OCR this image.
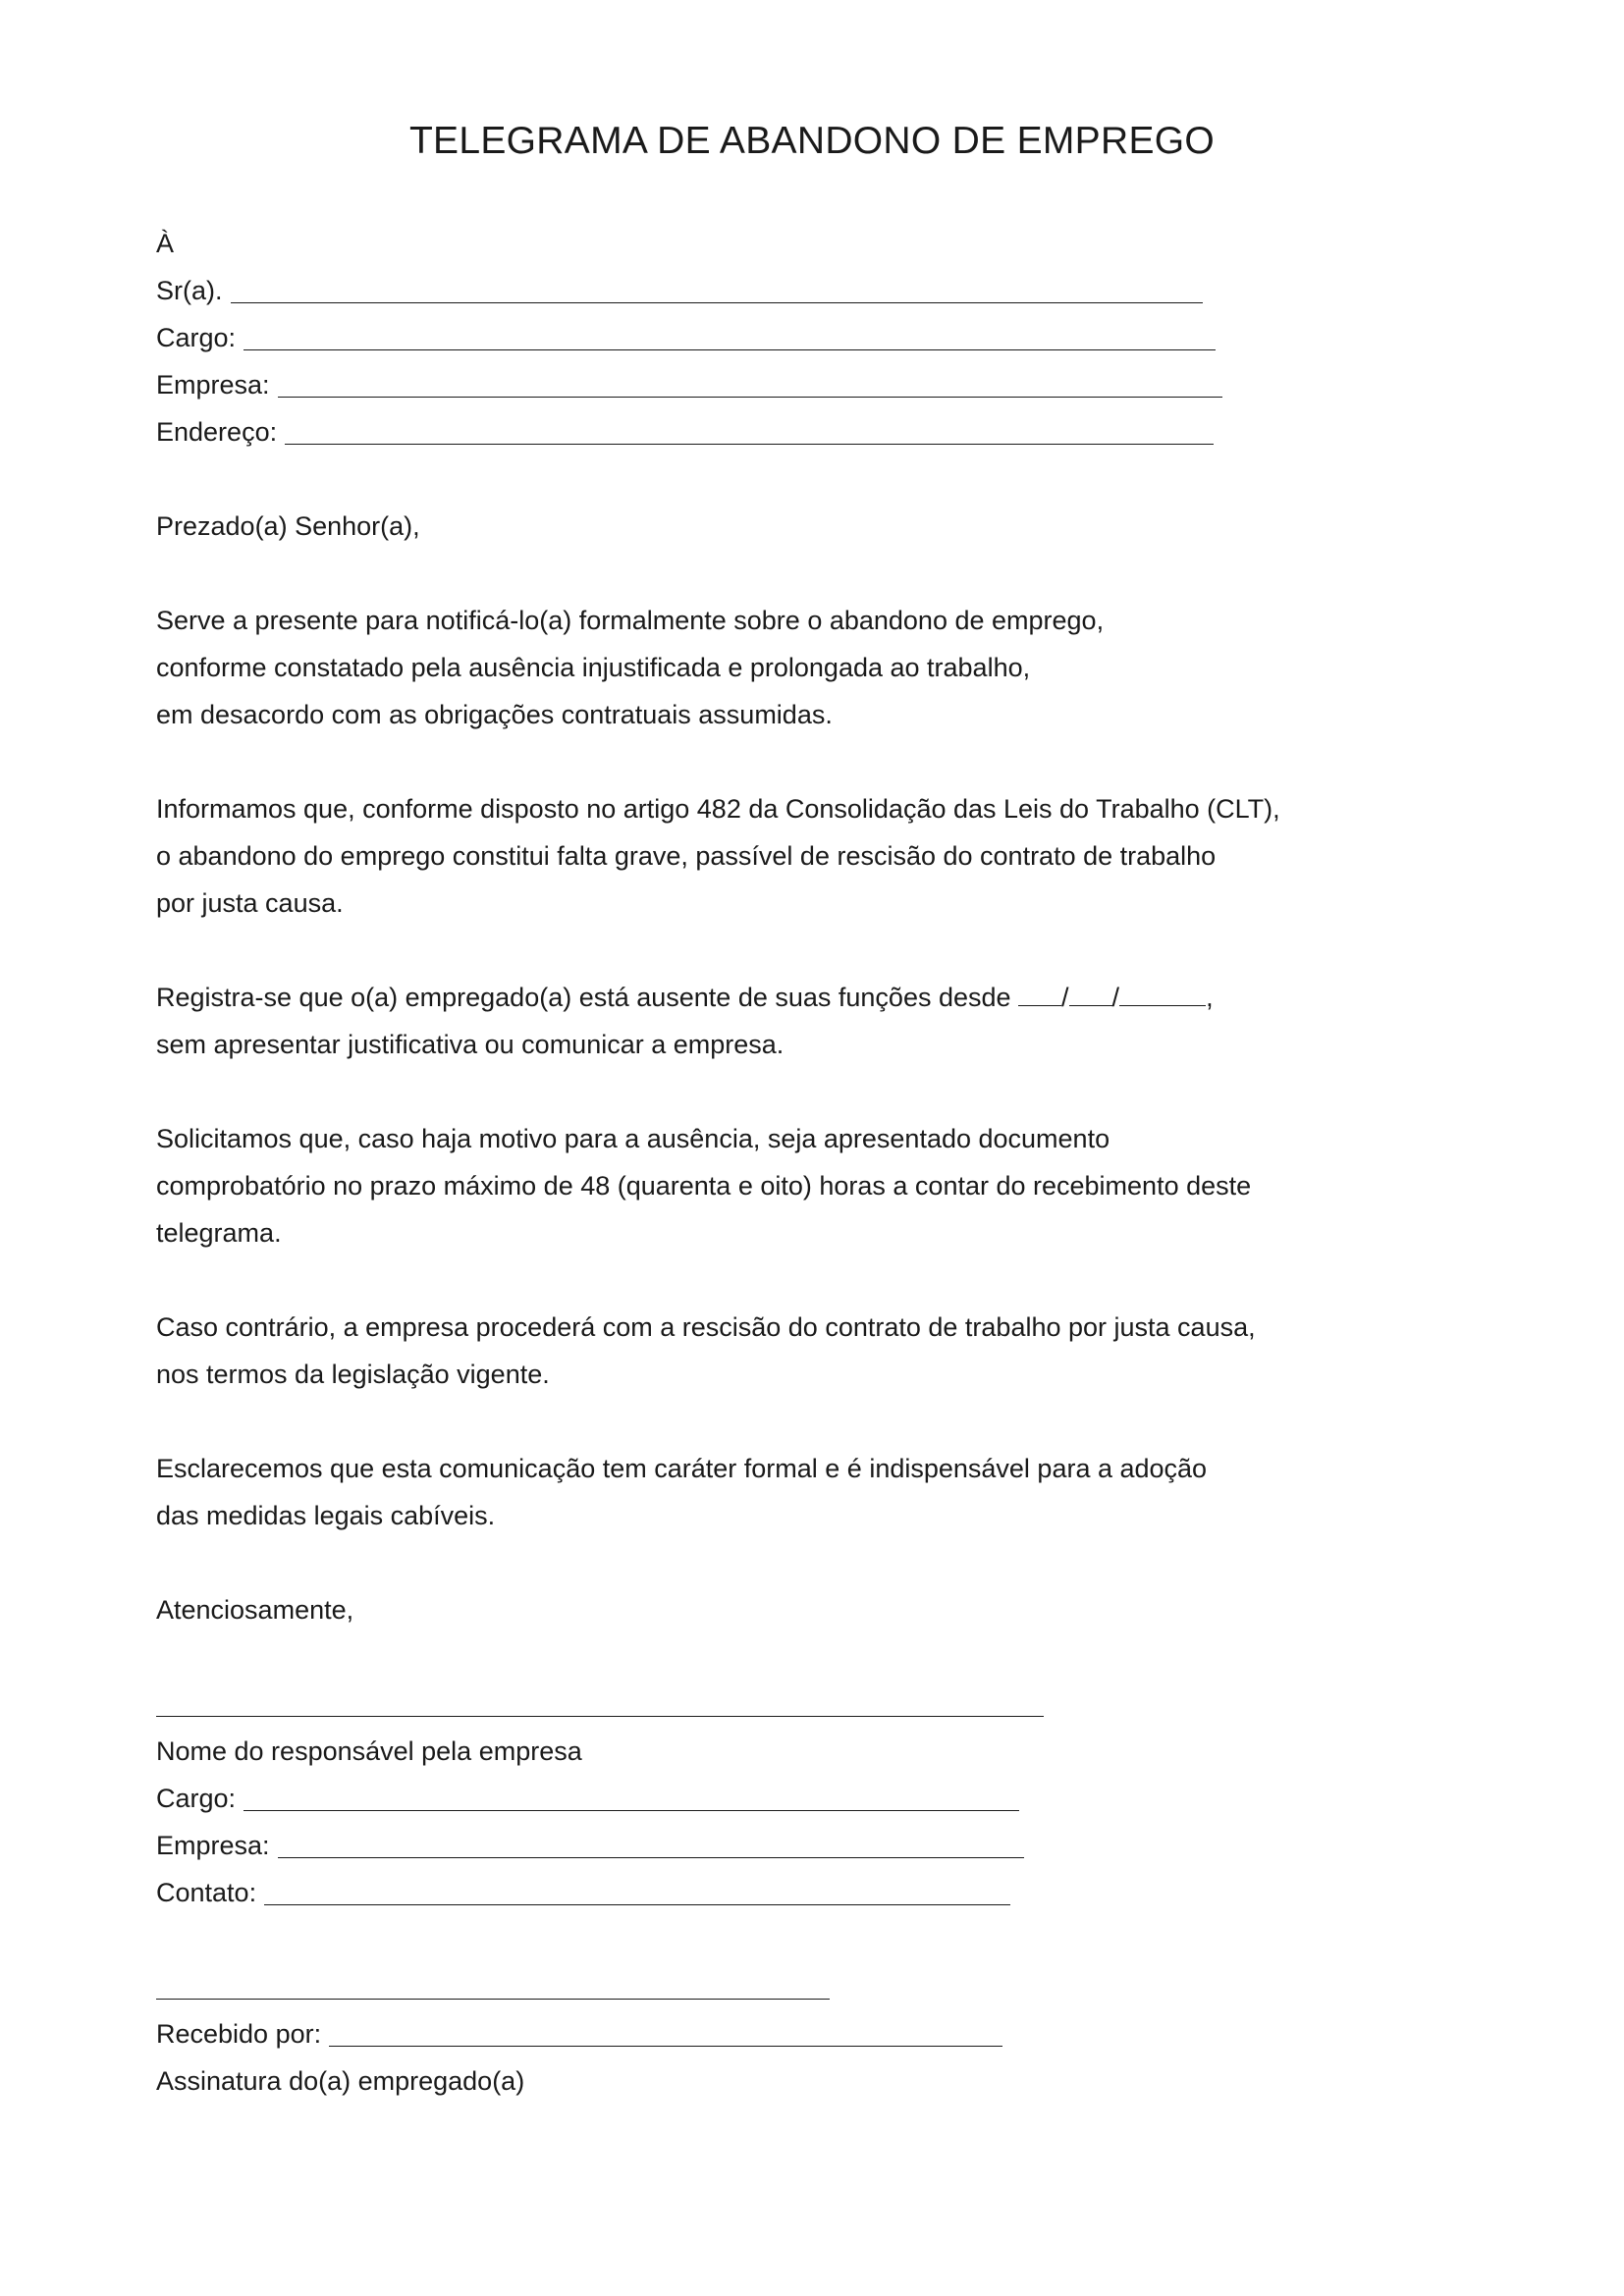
TELEGRAMA DE ABANDONO DE EMPREGO
À
Sr(a).
Cargo:
Empresa:
Endereço:
Prezado(a) Senhor(a),
Serve a presente para notificá-lo(a) formalmente sobre o abandono de emprego,
conforme constatado pela ausência injustificada e prolongada ao trabalho,
em desacordo com as obrigações contratuais assumidas.
Informamos que, conforme disposto no artigo 482 da Consolidação das Leis do Trabalho (CLT),
o abandono do emprego constitui falta grave, passível de rescisão do contrato de trabalho
por justa causa.
Registra-se que o(a) empregado(a) está ausente de suas funções desde / /	,
sem apresentar justificativa ou comunicar a empresa.
Solicitamos que, caso haja motivo para a ausência, seja apresentado documento
comprobatório no prazo máximo de 48 (quarenta e oito) horas a contar do recebimento deste
telegrama.
Caso contrário, a empresa procederá com a rescisão do contrato de trabalho por justa causa,
nos termos da legislação vigente.
Esclarecemos que esta comunicação tem caráter formal e é indispensável para a adoção
das medidas legais cabíveis.
Atenciosamente,
Nome do responsável pela empresa
Cargo:
Empresa:
Contato:
Recebido por:
Assinatura do(a) empregado(a)
